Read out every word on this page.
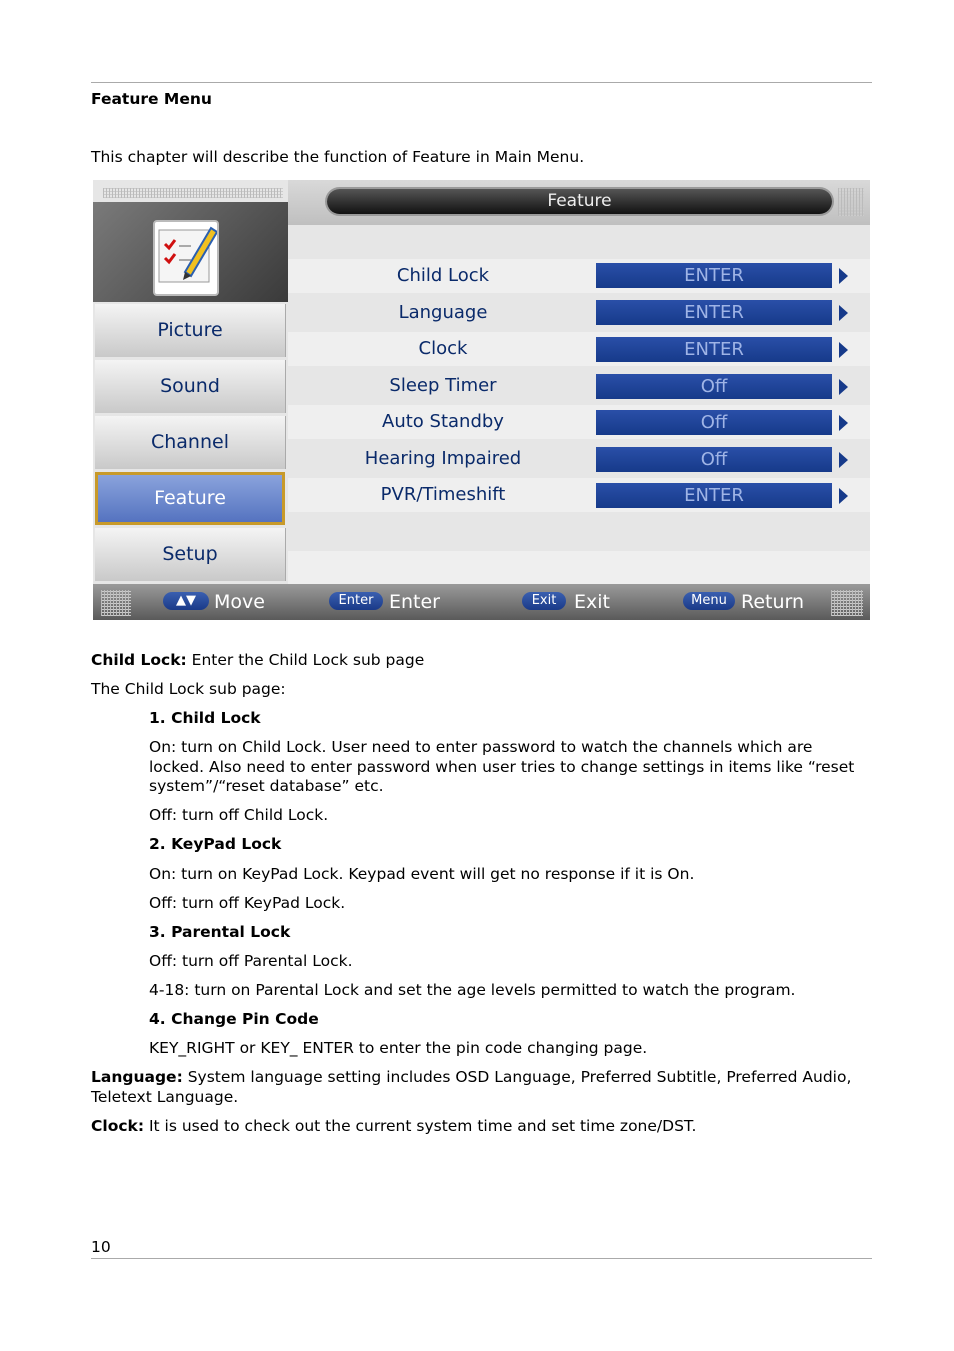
Feature Menu

This chapter will describe the function of Feature in Main Menu.

Feature
Picture
Sound
Channel
Feature
Setup
Child Lock	ENTER
Language	ENTER
Clock	ENTER
Sleep Timer	Off
Auto Standby	Off
Hearing Impaired	Off
PVR/Timeshift	ENTER
▲▼ Move	Enter Enter	Exit Exit	Menu Return

Child Lock: Enter the Child Lock sub page

The Child Lock sub page:

1. Child Lock

On: turn on Child Lock. User need to enter password to watch the channels which are locked. Also need to enter password when user tries to change settings in items like “reset system”/“reset database” etc.

Off: turn off Child Lock.

2. KeyPad Lock

On: turn on KeyPad Lock. Keypad event will get no response if it is On.

Off: turn off KeyPad Lock.

3. Parental Lock

Off: turn off Parental Lock.

4-18: turn on Parental Lock and set the age levels permitted to watch the program.

4. Change Pin Code

KEY_RIGHT or KEY_ ENTER to enter the pin code changing page.

Language: System language setting includes OSD Language, Preferred Subtitle, Preferred Audio, Teletext Language.

Clock: It is used to check out the current system time and set time zone/DST.

10
